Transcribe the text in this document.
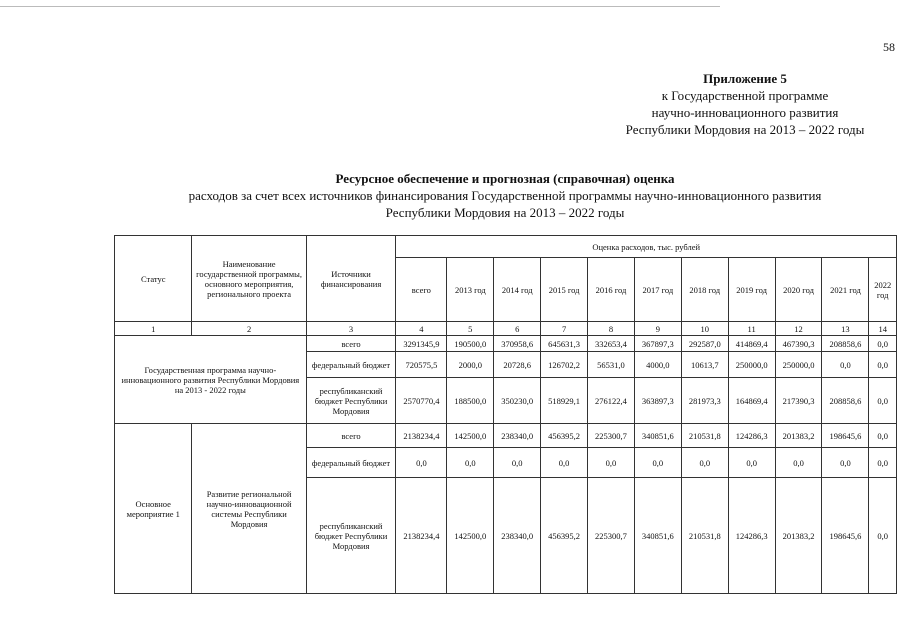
58
Приложение 5
к Государственной программе
научно-инновационного развития
Республики Мордовия на 2013 – 2022 годы
Ресурсное обеспечение и прогнозная (справочная) оценка
расходов за счет всех источников финансирования Государственной программы научно-инновационного развития
Республики Мордовия на 2013 – 2022 годы
Статус	Наименование государственной программы, основного мероприятия, регионального проекта	Источники финансирования	Оценка расходов, тыс. рублей										
			всего	2013 год	2014 год	2015 год	2016 год	2017 год	2018 год	2019 год	2020 год	2021 год	2022 год
1	2	3	4	5	6	7	8	9	10	11	12	13	14
Государственная программа научно-инновационного развития Республики Мордовия на 2013 - 2022 годы		всего	3291345,9	190500,0	370958,6	645631,3	332653,4	367897,3	292587,0	414869,4	467390,3	208858,6	0,0
		федеральный бюджет	720575,5	2000,0	20728,6	126702,2	56531,0	4000,0	10613,7	250000,0	250000,0	0,0	0,0
		республиканский бюджет Республики Мордовия	2570770,4	188500,0	350230,0	518929,1	276122,4	363897,3	281973,3	164869,4	217390,3	208858,6	0,0
Основное мероприятие 1	Развитие региональной научно-инновационной системы Республики Мордовия	всего	2138234,4	142500,0	238340,0	456395,2	225300,7	340851,6	210531,8	124286,3	201383,2	198645,6	0,0
		федеральный бюджет	0,0	0,0	0,0	0,0	0,0	0,0	0,0	0,0	0,0	0,0	0,0
		республиканский бюджет Республики Мордовия	2138234,4	142500,0	238340,0	456395,2	225300,7	340851,6	210531,8	124286,3	201383,2	198645,6	0,0
